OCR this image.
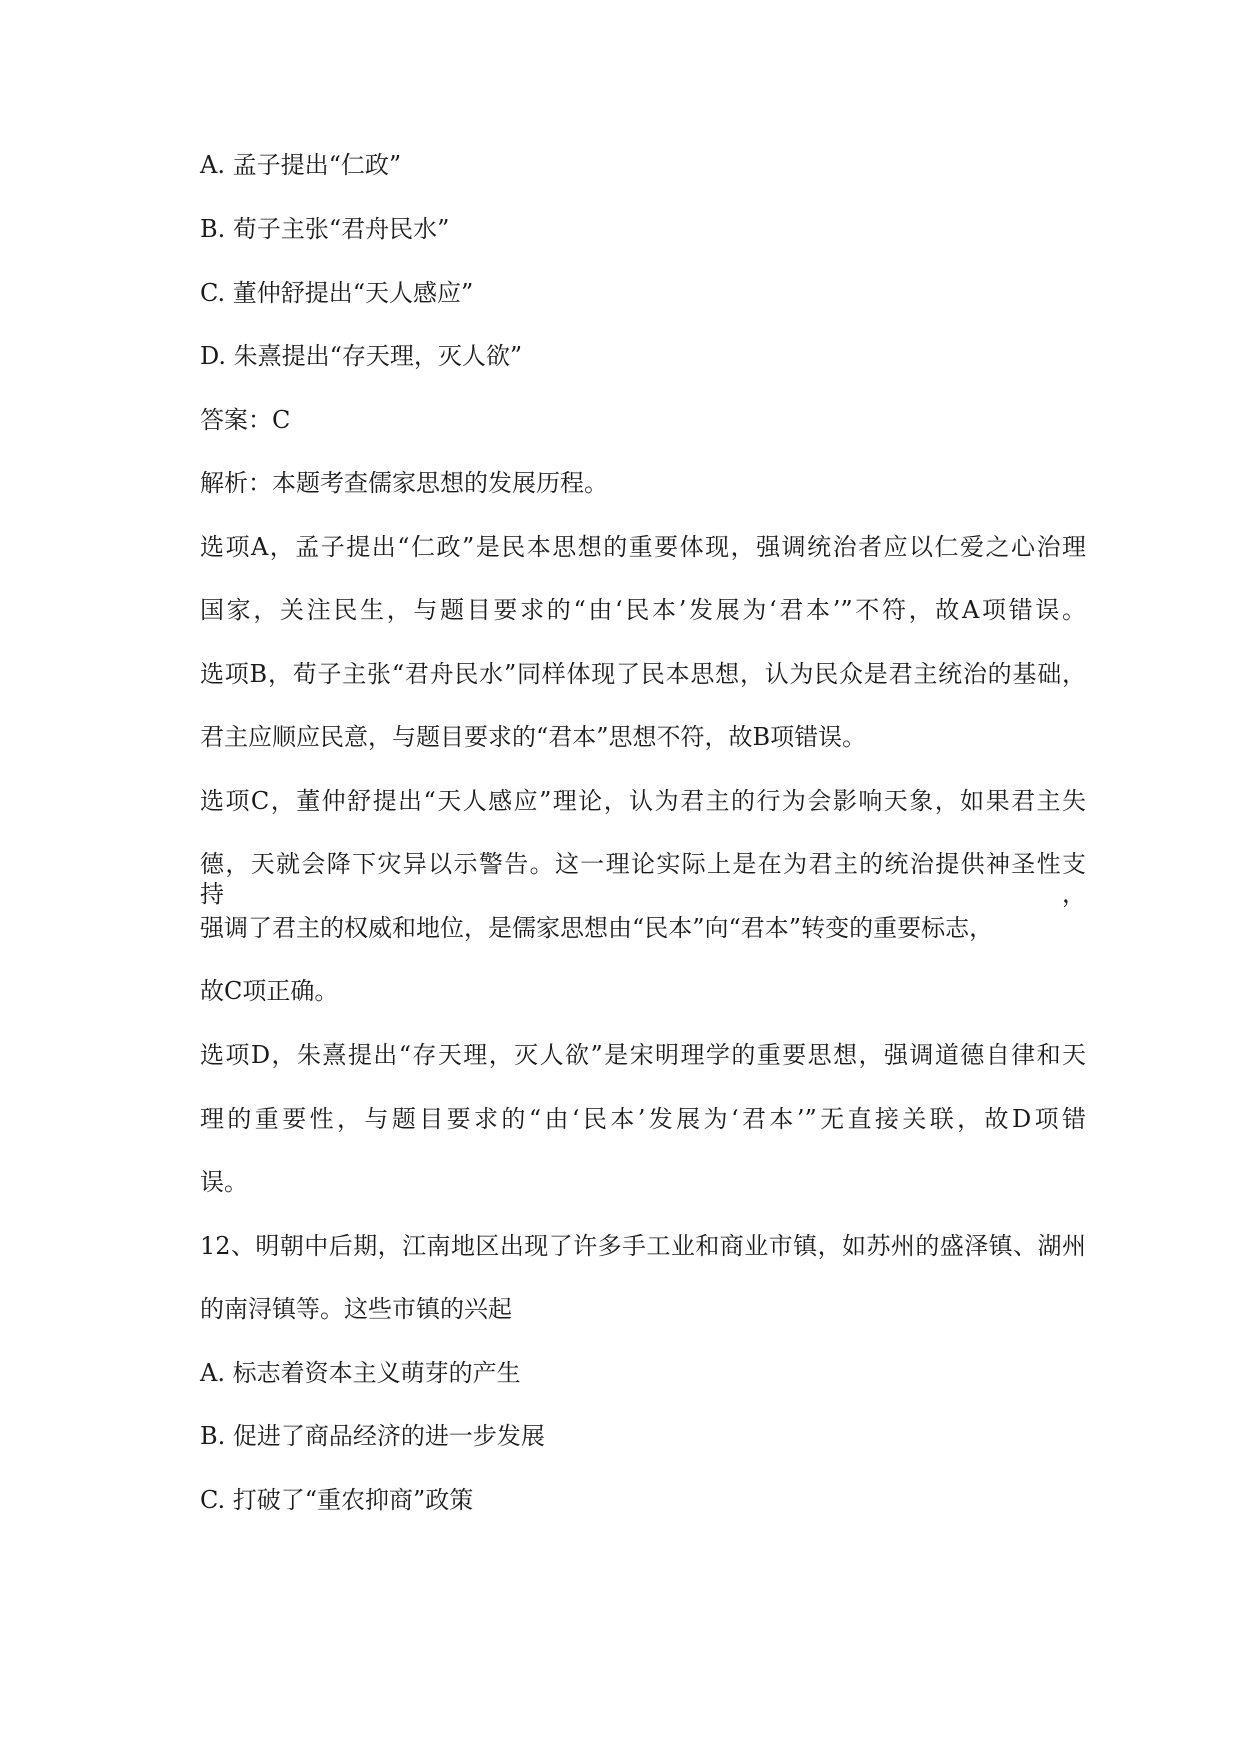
A. 孟子提出“仁政”
B. 荀子主张“君舟民水”
C. 董仲舒提出“天人感应”
D. 朱熹提出“存天理，灭人欲”
答案：C
解析：本题考查儒家思想的发展历程。
选项A，孟子提出“仁政”是民本思想的重要体现，强调统治者应以仁爱之心治理
国家，关注民生，与题目要求的“由‘民本’发展为‘君本’”不符，故A项错误。
选项B，荀子主张“君舟民水”同样体现了民本思想，认为民众是君主统治的基础，
君主应顺应民意，与题目要求的“君本”思想不符，故B项错误。
选项C，董仲舒提出“天人感应”理论，认为君主的行为会影响天象，如果君主失
德，天就会降下灾异以示警告。这一理论实际上是在为君主的统治提供神圣性支持，
强调了君主的权威和地位，是儒家思想由“民本”向“君本”转变的重要标志，
故C项正确。
选项D，朱熹提出“存天理，灭人欲”是宋明理学的重要思想，强调道德自律和天
理的重要性，与题目要求的“由‘民本’发展为‘君本’”无直接关联，故D项错
误。
12、明朝中后期，江南地区出现了许多手工业和商业市镇，如苏州的盛泽镇、湖州
的南浔镇等。这些市镇的兴起
A. 标志着资本主义萌芽的产生
B. 促进了商品经济的进一步发展
C. 打破了“重农抑商”政策
